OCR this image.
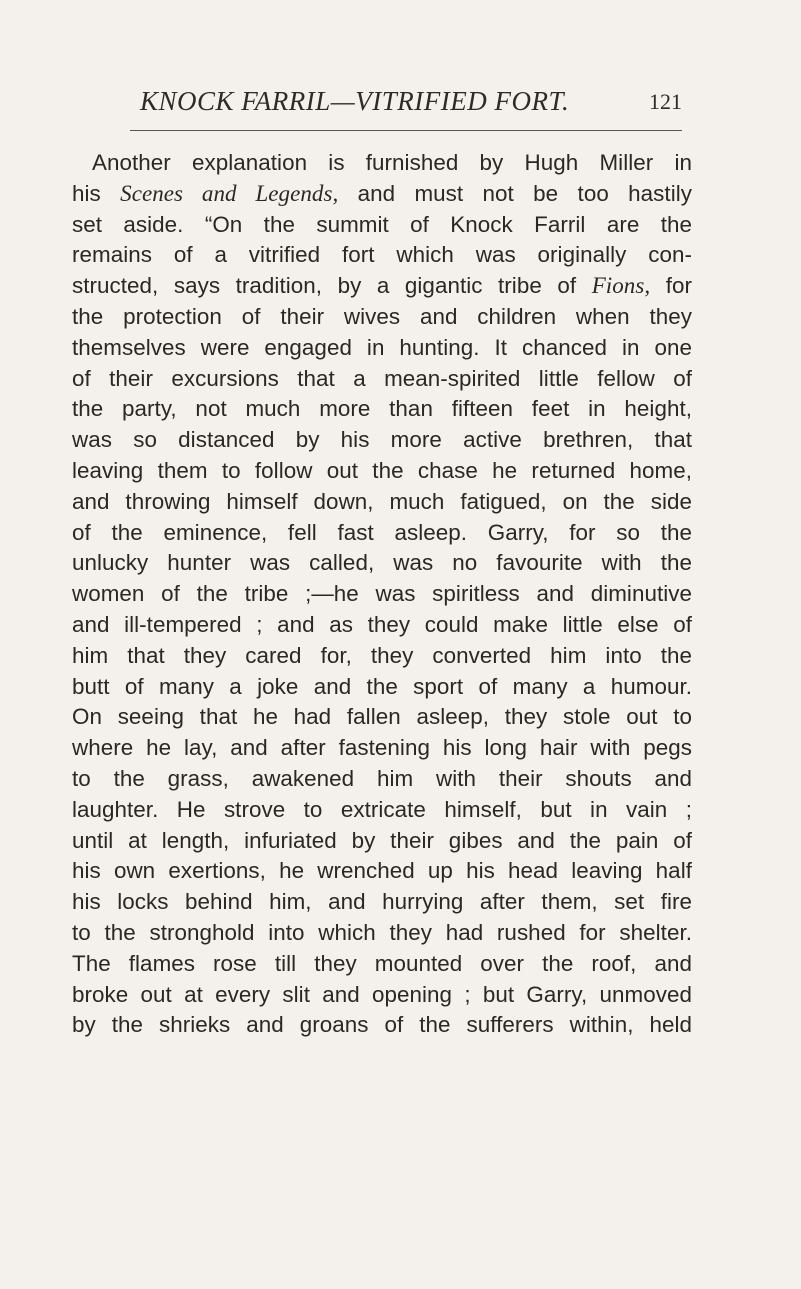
KNOCK FARRIL—VITRIFIED FORT.	121
Another explanation is furnished by Hugh Miller in
his Scenes and Legends, and must not be too hastily
set aside. “On the summit of Knock Farril are the
remains of a vitrified fort which was originally con-
structed, says tradition, by a gigantic tribe of Fions, for
the protection of their wives and children when they
themselves were engaged in hunting. It chanced in one
of their excursions that a mean-spirited little fellow of
the party, not much more than fifteen feet in height,
was so distanced by his more active brethren, that
leaving them to follow out the chase he returned home,
and throwing himself down, much fatigued, on the side
of the eminence, fell fast asleep. Garry, for so the
unlucky hunter was called, was no favourite with the
women of the tribe ;—he was spiritless and diminutive
and ill-tempered ; and as they could make little else of
him that they cared for, they converted him into the
butt of many a joke and the sport of many a humour.
On seeing that he had fallen asleep, they stole out to
where he lay, and after fastening his long hair with pegs
to the grass, awakened him with their shouts and
laughter. He strove to extricate himself, but in vain ;
until at length, infuriated by their gibes and the pain of
his own exertions, he wrenched up his head leaving half
his locks behind him, and hurrying after them, set fire
to the stronghold into which they had rushed for shelter.
The flames rose till they mounted over the roof, and
broke out at every slit and opening ; but Garry, unmoved
by the shrieks and groans of the sufferers within, held
